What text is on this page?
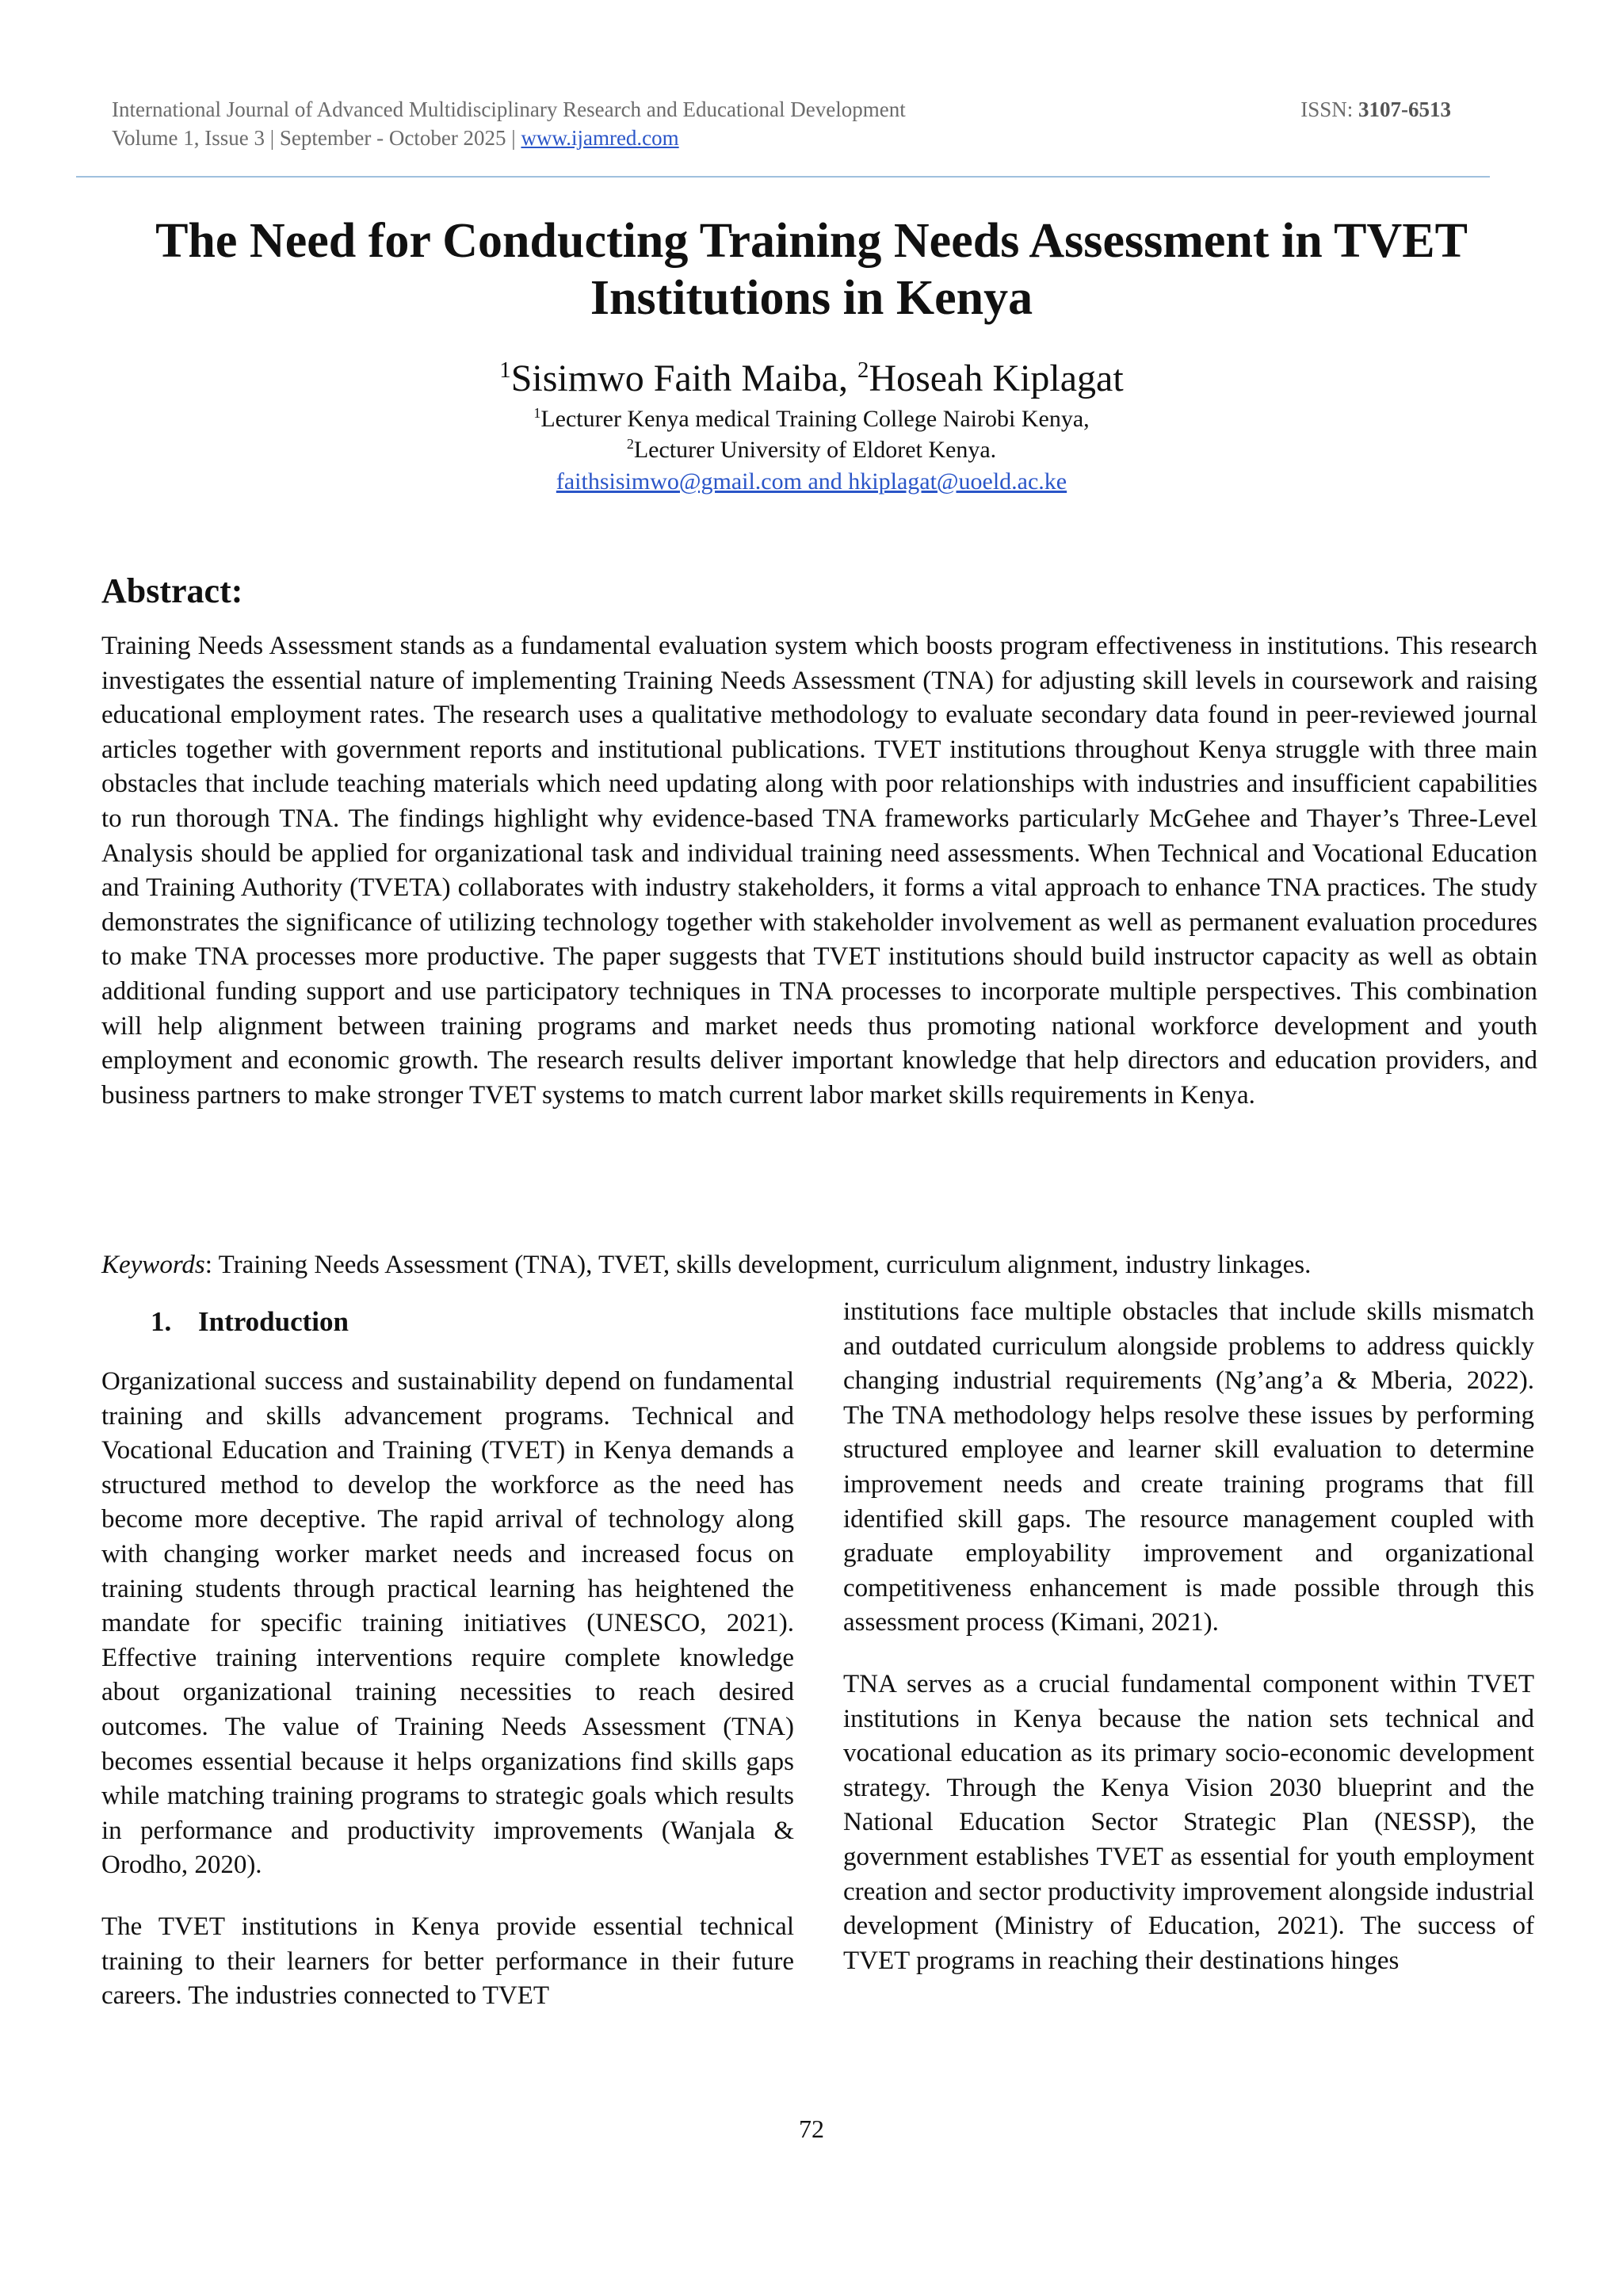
International Journal of Advanced Multidisciplinary Research and Educational Development
Volume 1, Issue 3 | September - October 2025 | www.ijamred.com
ISSN: 3107-6513
The Need for Conducting Training Needs Assessment in TVET
Institutions in Kenya
$^1$Sisimwo Faith Maiba, $^2$Hoseah Kiplagat
$^1$Lecturer Kenya medical Training College Nairobi Kenya,
$^2$Lecturer University of Eldoret Kenya.
faithsisimwo@gmail.com and hkiplagat@uoeld.ac.ke
Abstract:

Training Needs Assessment stands as a fundamental evaluation system which boosts program effectiveness in institutions. This research investigates the essential nature of implementing Training Needs Assessment (TNA) for adjusting skill levels in coursework and raising educational employment rates. The research uses a qualitative methodology to evaluate secondary data found in peer-reviewed journal articles together with government reports and institutional publications. TVET institutions throughout Kenya struggle with three main obstacles that include teaching materials which need updating along with poor relationships with industries and insufficient capabilities to run thorough TNA. The findings highlight why evidence-based TNA frameworks particularly McGehee and Thayer’s Three-Level Analysis should be applied for organizational task and individual training need assessments. When Technical and Vocational Education and Training Authority (TVETA) collaborates with industry stakeholders, it forms a vital approach to enhance TNA practices. The study demonstrates the significance of utilizing technology together with stakeholder involvement as well as permanent evaluation procedures to make TNA processes more productive. The paper suggests that TVET institutions should build instructor capacity as well as obtain additional funding support and use participatory techniques in TNA processes to incorporate multiple perspectives. This combination will help alignment between training programs and market needs thus promoting national workforce development and youth employment and economic growth. The research results deliver important knowledge that help directors and education providers, and business partners to make stronger TVET systems to match current labor market skills requirements in Kenya.

Keywords: Training Needs Assessment (TNA), TVET, skills development, curriculum alignment, industry linkages.

1. Introduction

Organizational success and sustainability depend on fundamental training and skills advancement programs. Technical and Vocational Education and Training (TVET) in Kenya demands a structured method to develop the workforce as the need has become more deceptive. The rapid arrival of technology along with changing worker market needs and increased focus on training students through practical learning has heightened the mandate for specific training initiatives (UNESCO, 2021). Effective training interventions require complete knowledge about organizational training necessities to reach desired outcomes. The value of Training Needs Assessment (TNA) becomes essential because it helps organizations find skills gaps while matching training programs to strategic goals which results in performance and productivity improvements (Wanjala & Orodho, 2020).

The TVET institutions in Kenya provide essential technical training to their learners for better performance in their future careers. The industries connected to TVET

institutions face multiple obstacles that include skills mismatch and outdated curriculum alongside problems to address quickly changing industrial requirements (Ng’ang’a & Mberia, 2022). The TNA methodology helps resolve these issues by performing structured employee and learner skill evaluation to determine improvement needs and create training programs that fill identified skill gaps. The resource management coupled with graduate employability improvement and organizational competitiveness enhancement is made possible through this assessment process (Kimani, 2021).

TNA serves as a crucial fundamental component within TVET institutions in Kenya because the nation sets technical and vocational education as its primary socio-economic development strategy. Through the Kenya Vision 2030 blueprint and the National Education Sector Strategic Plan (NESSP), the government establishes TVET as essential for youth employment creation and sector productivity improvement alongside industrial development (Ministry of Education, 2021). The success of TVET programs in reaching their destinations hinges

72
